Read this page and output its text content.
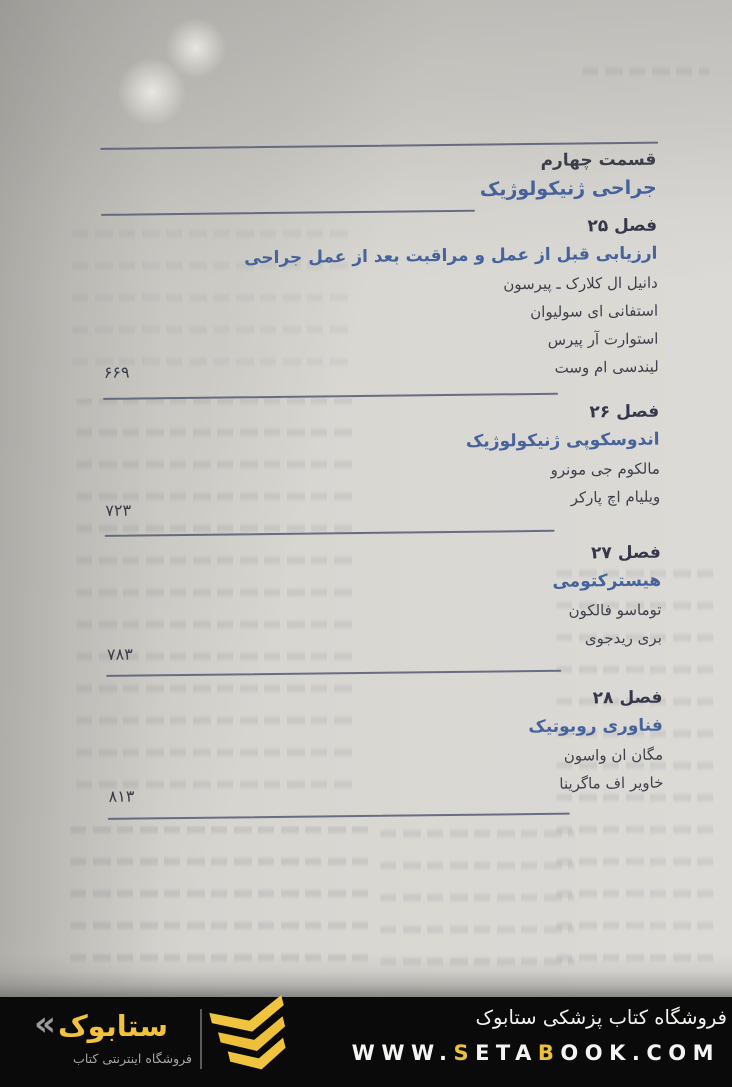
قسمت چهارم
جراحی ژنیکولوژیک
فصل ۲۵
ارزیابی قبل از عمل و مراقبت بعد از عمل جراحی
دانیل ال کلارک ـ پیرسون
استفانی ای سولیوان
استوارت آر پیرس
لیندسی ام وست
۶۶۹
فصل ۲۶
اندوسکوپی ژنیکولوژیک
مالکوم جی مونرو
ویلیام اچ پارکر
۷۲۳
فصل ۲۷
هیسترکتومی
توماسو فالکون
بری ریدجوی
۷۸۳
فصل ۲۸
فناوری روبوتیک
مگان ان واسون
خاویر اف ماگرینا
۸۱۳
« ستابوک
فروشگاه اینترنتی کتاب
فروشگاه کتاب پزشکی ستابوک
WWW.SETABOOK.COM
